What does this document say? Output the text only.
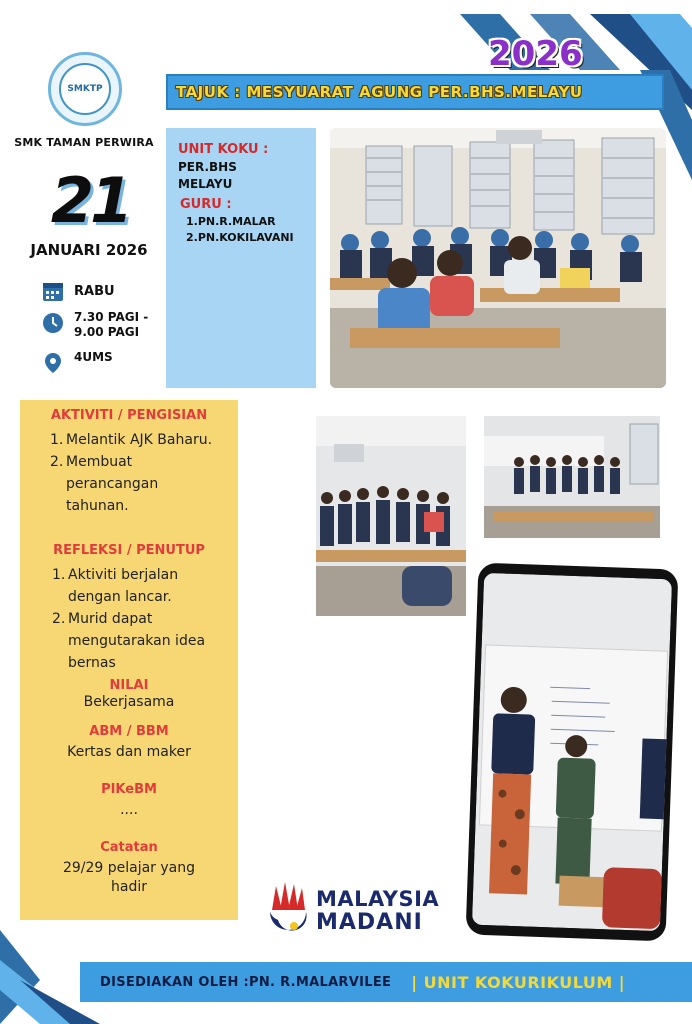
SMKTP
SMK TAMAN PERWIRA
21
JANUARI 2026
RABU
7.30 PAGI -
9.00 PAGI
4UMS
2026
TAJUK : MESYUARAT AGUNG PER.BHS.MELAYU
UNIT KOKU :
PER.BHS
MELAYU
GURU :
1.PN.R.MALAR
2.PN.KOKILAVANI
AKTIVITI / PENGISIAN
1. Melantik AJK Baharu.
2. Membuat perancangan tahunan.
REFLEKSI / PENUTUP
1. Aktiviti berjalan dengan lancar.
2. Murid dapat mengutarakan idea bernas
NILAI
Bekerjasama
ABM / BBM
Kertas dan maker
PIKeBM
....
Catatan
29/29 pelajar yang hadir	MALAYSIA
MADANI
DISEDIAKAN OLEH :PN. R.MALARVILEE | UNIT KOKURIKULUM |
